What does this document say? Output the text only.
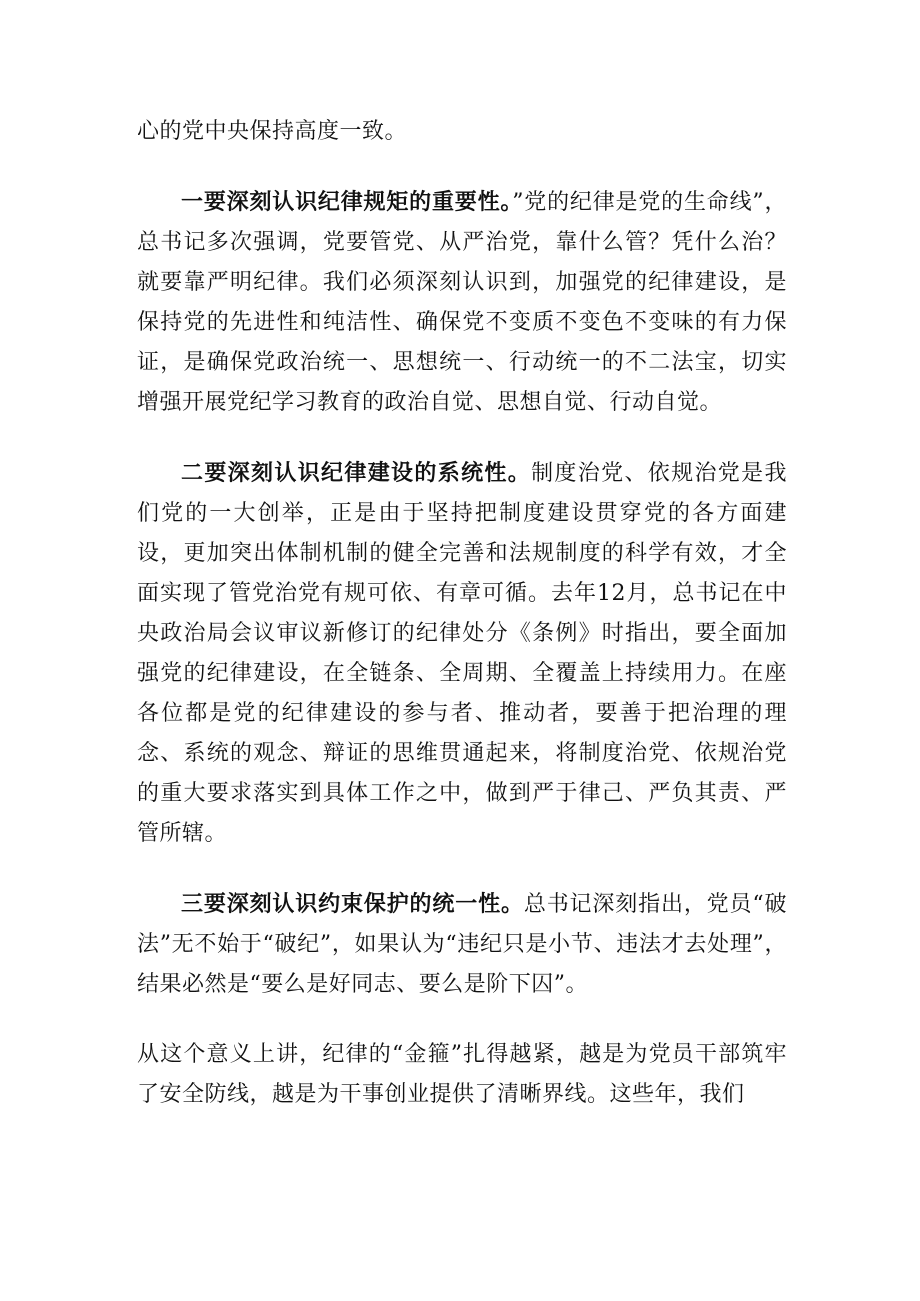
心的党中央保持高度一致。

一要深刻认识纪律规矩的重要性。”党的纪律是党的生命线”，总书记多次强调，党要管党、从严治党，靠什么管？凭什么治？就要靠严明纪律。我们必须深刻认识到，加强党的纪律建设，是保持党的先进性和纯洁性、确保党不变质不变色不变味的有力保证，是确保党政治统一、思想统一、行动统一的不二法宝，切实增强开展党纪学习教育的政治自觉、思想自觉、行动自觉。

二要深刻认识纪律建设的系统性。制度治党、依规治党是我们党的一大创举，正是由于坚持把制度建设贯穿党的各方面建设，更加突出体制机制的健全完善和法规制度的科学有效，才全面实现了管党治党有规可依、有章可循。去年12月，总书记在中央政治局会议审议新修订的纪律处分《条例》时指出，要全面加强党的纪律建设，在全链条、全周期、全覆盖上持续用力。在座各位都是党的纪律建设的参与者、推动者，要善于把治理的理念、系统的观念、辩证的思维贯通起来，将制度治党、依规治党的重大要求落实到具体工作之中，做到严于律己、严负其责、严管所辖。

三要深刻认识约束保护的统一性。总书记深刻指出，党员“破法”无不始于“破纪”，如果认为“违纪只是小节、违法才去处理”，结果必然是“要么是好同志、要么是阶下囚”。

从这个意义上讲，纪律的“金箍”扎得越紧，越是为党员干部筑牢了安全防线，越是为干事创业提供了清晰界线。这些年，我们
